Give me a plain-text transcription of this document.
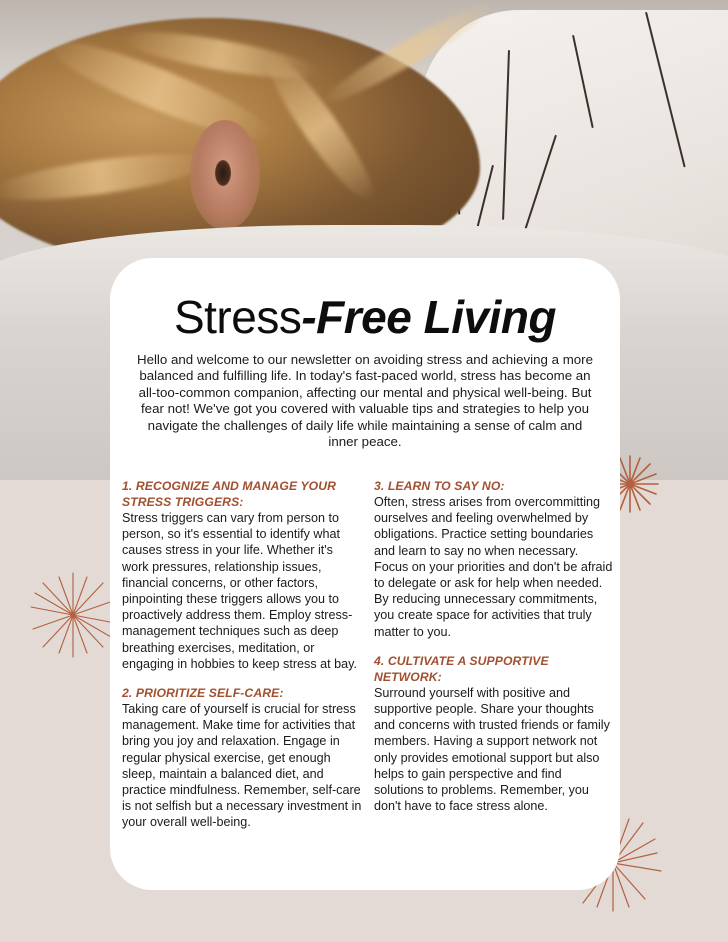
Stress-Free Living
Hello and welcome to our newsletter on avoiding stress and achieving a more balanced and fulfilling life. In today's fast-paced world, stress has become an all-too-common companion, affecting our mental and physical well-being. But fear not! We've got you covered with valuable tips and strategies to help you navigate the challenges of daily life while maintaining a sense of calm and inner peace.
1. RECOGNIZE AND MANAGE YOUR STRESS TRIGGERS:
Stress triggers can vary from person to person, so it's essential to identify what causes stress in your life. Whether it's work pressures, relationship issues, financial concerns, or other factors, pinpointing these triggers allows you to proactively address them. Employ stress-management techniques such as deep breathing exercises, meditation, or engaging in hobbies to keep stress at bay.
2. PRIORITIZE SELF-CARE:
Taking care of yourself is crucial for stress management. Make time for activities that bring you joy and relaxation. Engage in regular physical exercise, get enough sleep, maintain a balanced diet, and practice mindfulness. Remember, self-care is not selfish but a necessary investment in your overall well-being.
3. LEARN TO SAY NO:
Often, stress arises from overcommitting ourselves and feeling overwhelmed by obligations. Practice setting boundaries and learn to say no when necessary. Focus on your priorities and don't be afraid to delegate or ask for help when needed. By reducing unnecessary commitments, you create space for activities that truly matter to you.
4. CULTIVATE A SUPPORTIVE NETWORK:
Surround yourself with positive and supportive people. Share your thoughts and concerns with trusted friends or family members. Having a support network not only provides emotional support but also helps to gain perspective and find solutions to problems. Remember, you don't have to face stress alone.
